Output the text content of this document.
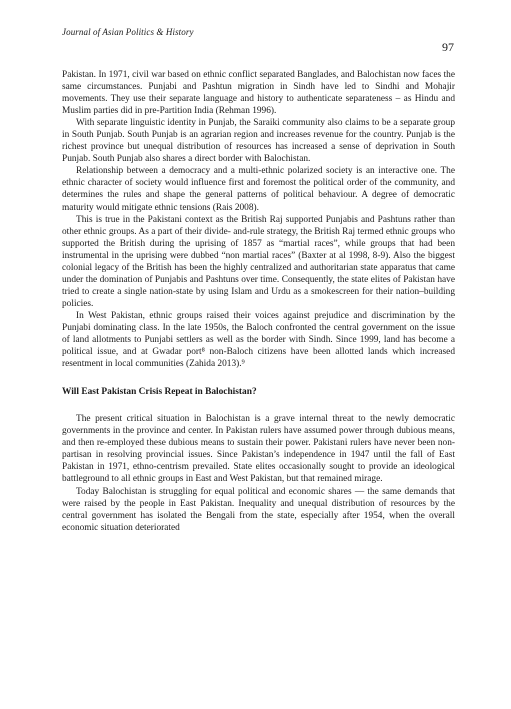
Journal of Asian Politics & History
97

Pakistan. In 1971, civil war based on ethnic conflict separated Banglades, and Balochistan now faces the same circumstances. Punjabi and Pashtun migration in Sindh have led to Sindhi and Mohajir movements. They use their separate language and history to authenticate separateness – as Hindu and Muslim parties did in pre-Partition India (Rehman 1996).

With separate linguistic identity in Punjab, the Saraiki community also claims to be a separate group in South Punjab. South Punjab is an agrarian region and increases revenue for the country. Punjab is the richest province but unequal distribution of resources has increased a sense of deprivation in South Punjab. South Punjab also shares a direct border with Balochistan.

Relationship between a democracy and a multi-ethnic polarized society is an interactive one. The ethnic character of society would influence first and foremost the political order of the community, and determines the rules and shape the general patterns of political behaviour. A degree of democratic maturity would mitigate ethnic tensions (Rais 2008).

This is true in the Pakistani context as the British Raj supported Punjabis and Pashtuns rather than other ethnic groups. As a part of their divide- and-rule strategy, the British Raj termed ethnic groups who supported the British during the uprising of 1857 as “martial races”, while groups that had been instrumental in the uprising were dubbed “non martial races” (Baxter at al 1998, 8-9). Also the biggest colonial legacy of the British has been the highly centralized and authoritarian state apparatus that came under the domination of Punjabis and Pashtuns over time. Consequently, the state elites of Pakistan have tried to create a single nation-state by using Islam and Urdu as a smokescreen for their nation–building policies.

In West Pakistan, ethnic groups raised their voices against prejudice and discrimination by the Punjabi dominating class. In the late 1950s, the Baloch confronted the central government on the issue of land allotments to Punjabi settlers as well as the border with Sindh. Since 1999, land has become a political issue, and at Gwadar port⁸ non-Baloch citizens have been allotted lands which increased resentment in local communities (Zahida 2013).⁹

Will East Pakistan Crisis Repeat in Balochistan?

The present critical situation in Balochistan is a grave internal threat to the newly democratic governments in the province and center. In Pakistan rulers have assumed power through dubious means, and then re-employed these dubious means to sustain their power. Pakistani rulers have never been non-partisan in resolving provincial issues. Since Pakistan’s independence in 1947 until the fall of East Pakistan in 1971, ethno-centrism prevailed. State elites occasionally sought to provide an ideological battleground to all ethnic groups in East and West Pakistan, but that remained mirage.

Today Balochistan is struggling for equal political and economic shares — the same demands that were raised by the people in East Pakistan. Inequality and unequal distribution of resources by the central government has isolated the Bengali from the state, especially after 1954, when the overall economic situation deteriorated
